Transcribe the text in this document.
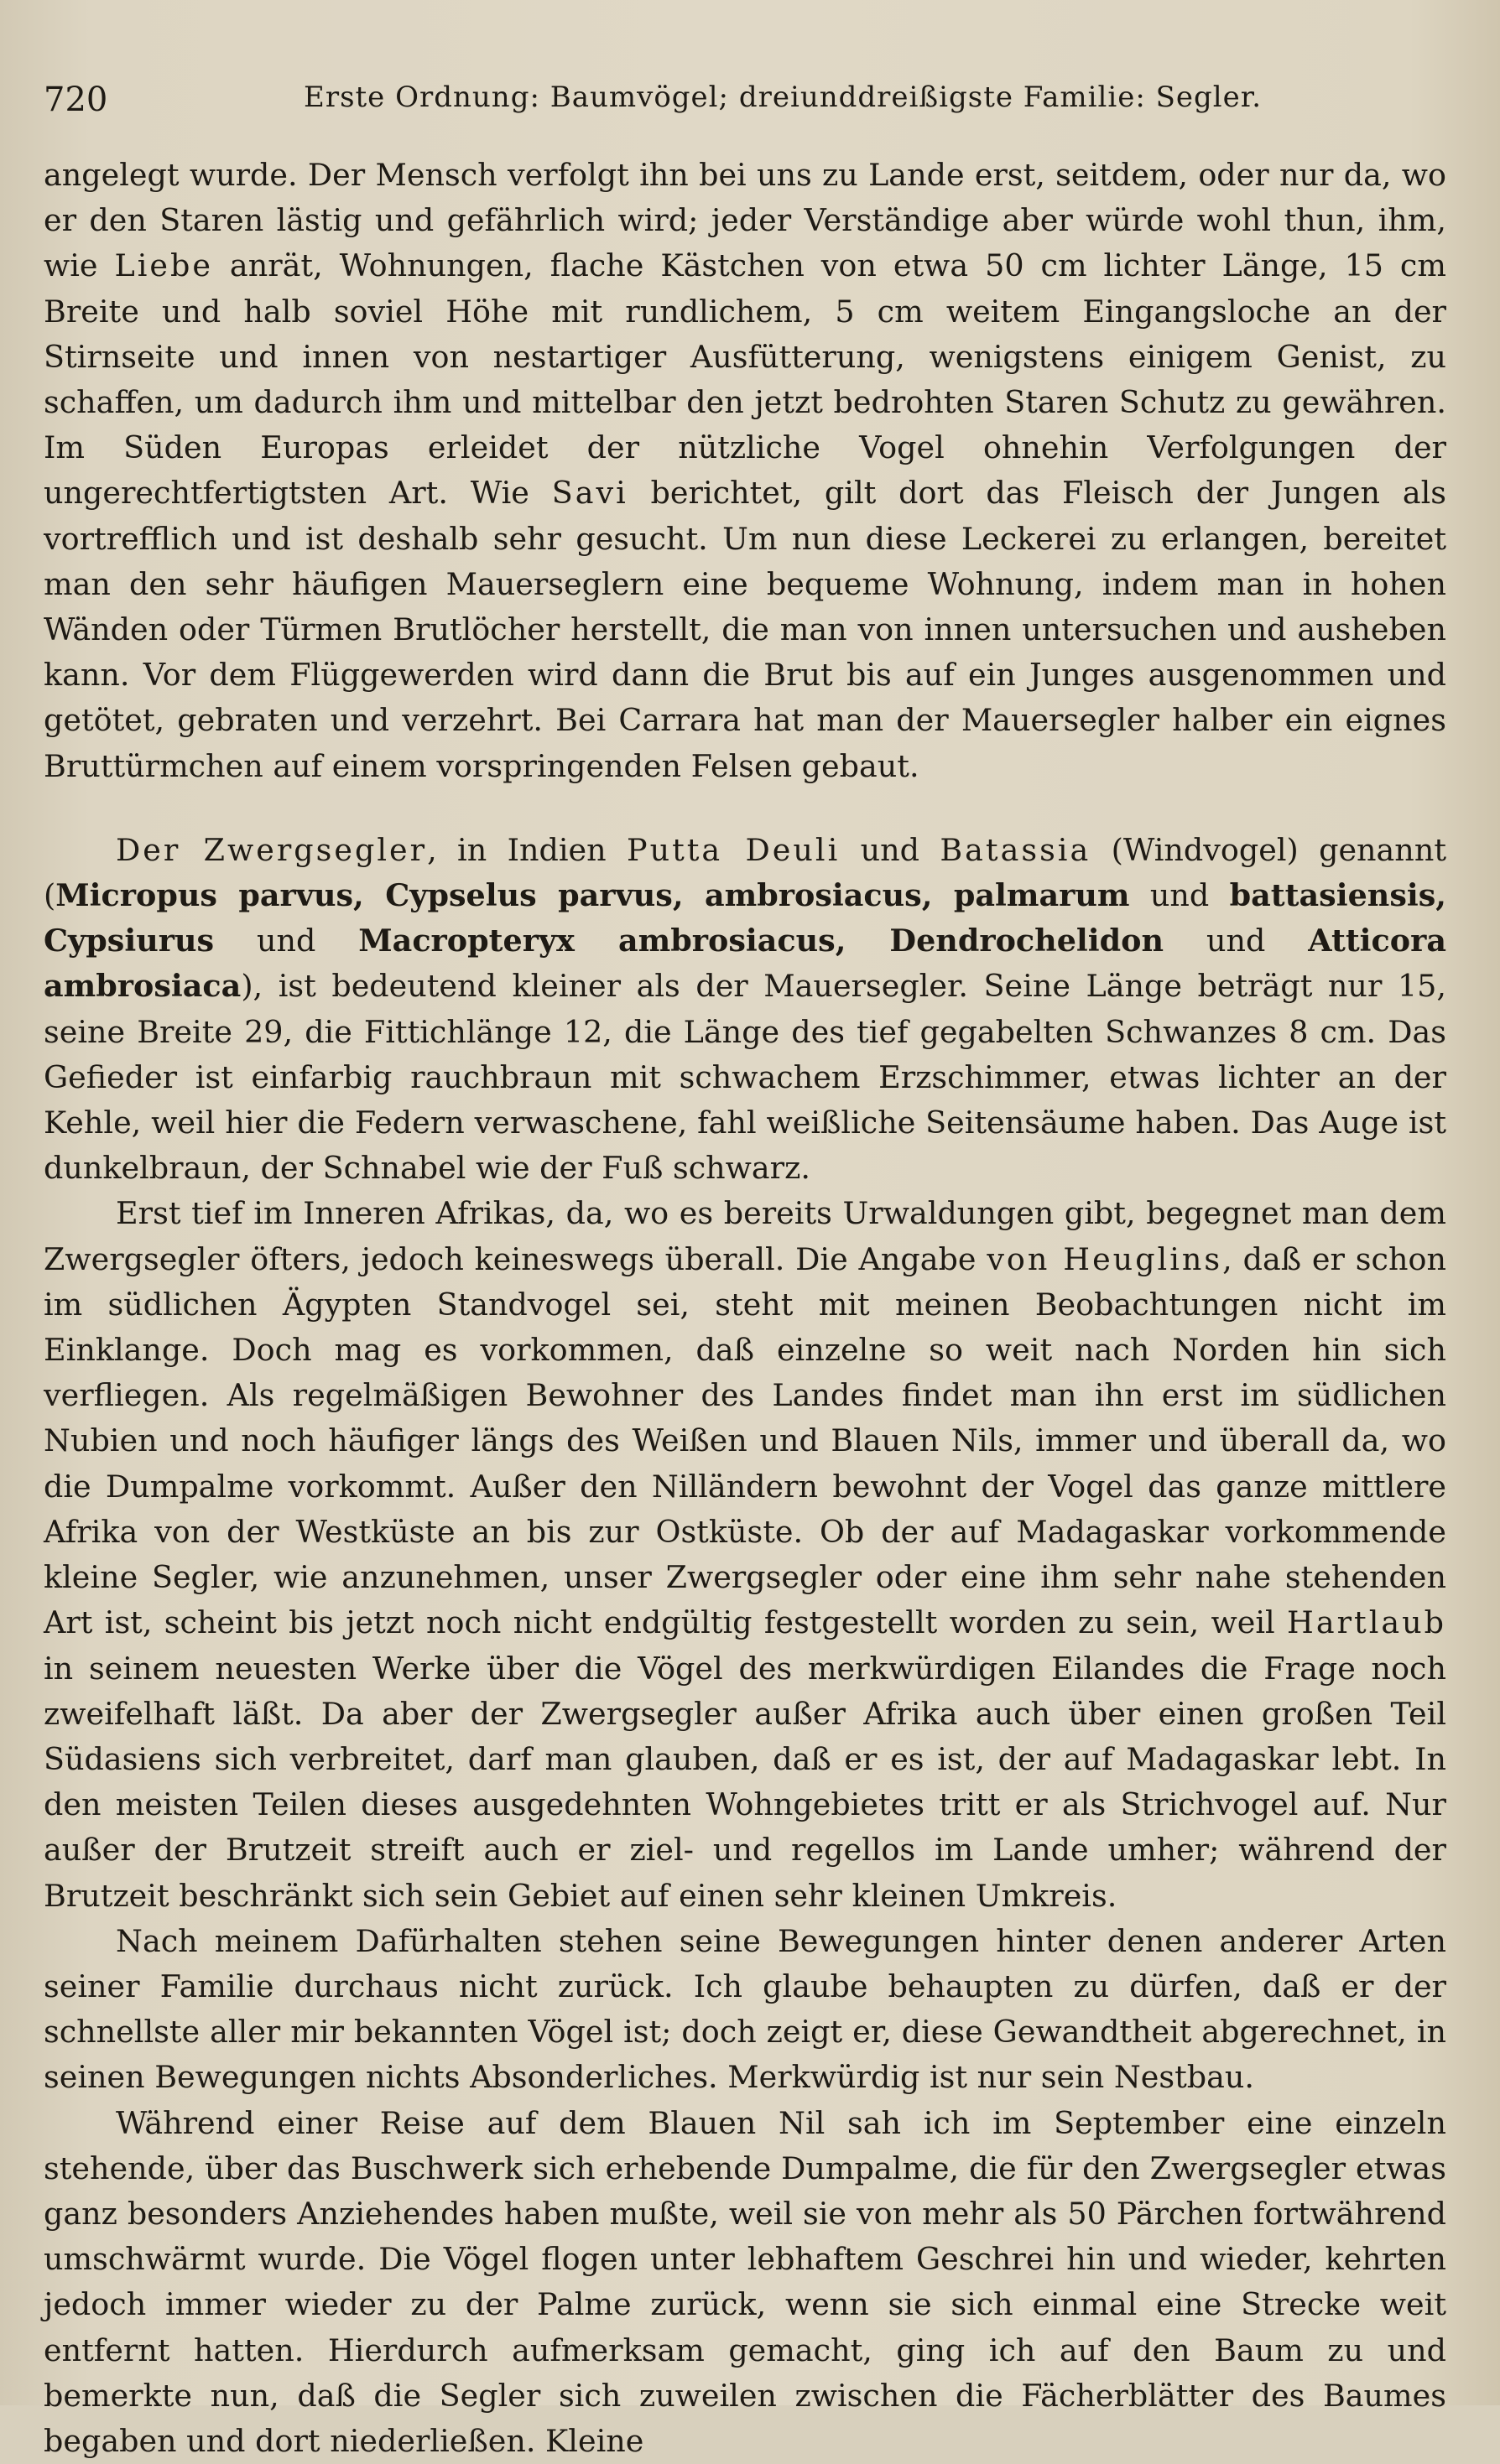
720	Erste Ordnung: Baumvögel; dreiunddreißigste Familie: Segler.

angelegt wurde. Der Mensch verfolgt ihn bei uns zu Lande erst, seitdem, oder nur da, wo er den Staren lästig und gefährlich wird; jeder Verständige aber würde wohl thun, ihm, wie Liebe anrät, Wohnungen, flache Kästchen von etwa 50 cm lichter Länge, 15 cm Breite und halb soviel Höhe mit rundlichem, 5 cm weitem Eingangsloche an der Stirnseite und innen von nestartiger Ausfütterung, wenigstens einigem Genist, zu schaffen, um dadurch ihm und mittelbar den jetzt bedrohten Staren Schutz zu gewähren. Im Süden Europas erleidet der nützliche Vogel ohnehin Verfolgungen der ungerechtfertigtsten Art. Wie Savi berichtet, gilt dort das Fleisch der Jungen als vortrefflich und ist deshalb sehr gesucht. Um nun diese Leckerei zu erlangen, bereitet man den sehr häufigen Mauerseglern eine bequeme Wohnung, indem man in hohen Wänden oder Türmen Brutlöcher herstellt, die man von innen untersuchen und ausheben kann. Vor dem Flüggewerden wird dann die Brut bis auf ein Junges ausgenommen und getötet, gebraten und verzehrt. Bei Carrara hat man der Mauersegler halber ein eignes Bruttürmchen auf einem vorspringenden Felsen gebaut.

Der Zwergsegler, in Indien Putta Deuli und Batassia (Windvogel) genannt (Micropus parvus, Cypselus parvus, ambrosiacus, palmarum und battasiensis, Cypsiurus und Macropteryx ambrosiacus, Dendrochelidon und Atticora ambrosiaca), ist bedeutend kleiner als der Mauersegler. Seine Länge beträgt nur 15, seine Breite 29, die Fittichlänge 12, die Länge des tief gegabelten Schwanzes 8 cm. Das Gefieder ist einfarbig rauchbraun mit schwachem Erzschimmer, etwas lichter an der Kehle, weil hier die Federn verwaschene, fahl weißliche Seitensäume haben. Das Auge ist dunkelbraun, der Schnabel wie der Fuß schwarz.

Erst tief im Inneren Afrikas, da, wo es bereits Urwaldungen gibt, begegnet man dem Zwergsegler öfters, jedoch keineswegs überall. Die Angabe von Heuglins, daß er schon im südlichen Ägypten Standvogel sei, steht mit meinen Beobachtungen nicht im Einklange. Doch mag es vorkommen, daß einzelne so weit nach Norden hin sich verfliegen. Als regelmäßigen Bewohner des Landes findet man ihn erst im südlichen Nubien und noch häufiger längs des Weißen und Blauen Nils, immer und überall da, wo die Dumpalme vorkommt. Außer den Nilländern bewohnt der Vogel das ganze mittlere Afrika von der Westküste an bis zur Ostküste. Ob der auf Madagaskar vorkommende kleine Segler, wie anzunehmen, unser Zwergsegler oder eine ihm sehr nahe stehenden Art ist, scheint bis jetzt noch nicht endgültig festgestellt worden zu sein, weil Hartlaub in seinem neuesten Werke über die Vögel des merkwürdigen Eilandes die Frage noch zweifelhaft läßt. Da aber der Zwergsegler außer Afrika auch über einen großen Teil Südasiens sich verbreitet, darf man glauben, daß er es ist, der auf Madagaskar lebt. In den meisten Teilen dieses ausgedehnten Wohngebietes tritt er als Strichvogel auf. Nur außer der Brutzeit streift auch er ziel- und regellos im Lande umher; während der Brutzeit beschränkt sich sein Gebiet auf einen sehr kleinen Umkreis.

Nach meinem Dafürhalten stehen seine Bewegungen hinter denen anderer Arten seiner Familie durchaus nicht zurück. Ich glaube behaupten zu dürfen, daß er der schnellste aller mir bekannten Vögel ist; doch zeigt er, diese Gewandtheit abgerechnet, in seinen Bewegungen nichts Absonderliches. Merkwürdig ist nur sein Nestbau.

Während einer Reise auf dem Blauen Nil sah ich im September eine einzeln stehende, über das Buschwerk sich erhebende Dumpalme, die für den Zwergsegler etwas ganz besonders Anziehendes haben mußte, weil sie von mehr als 50 Pärchen fortwährend umschwärmt wurde. Die Vögel flogen unter lebhaftem Geschrei hin und wieder, kehrten jedoch immer wieder zu der Palme zurück, wenn sie sich einmal eine Strecke weit entfernt hatten. Hierdurch aufmerksam gemacht, ging ich auf den Baum zu und bemerkte nun, daß die Segler sich zuweilen zwischen die Fächerblätter des Baumes begaben und dort niederließen. Kleine
